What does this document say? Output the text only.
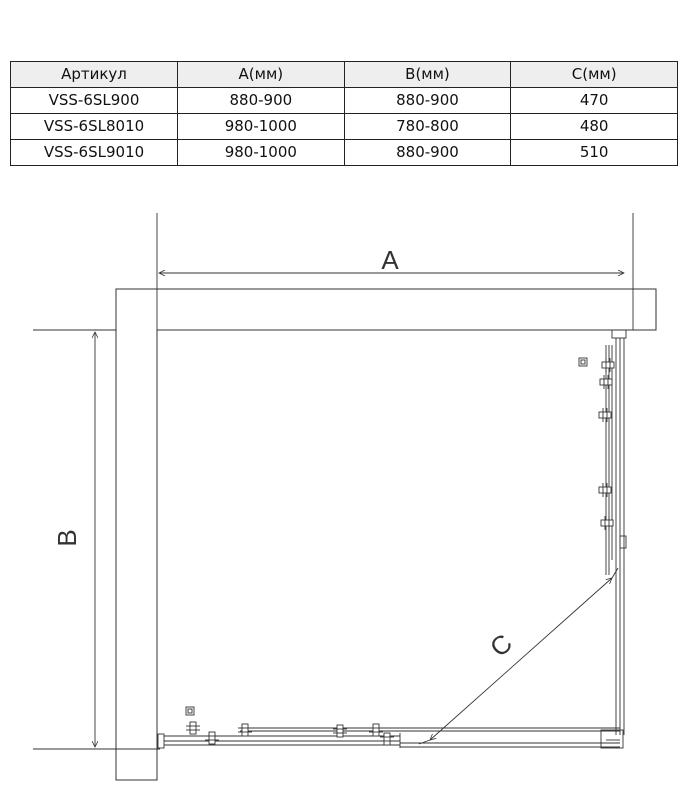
Артикул	A(мм)	B(мм)	C(мм)
VSS-6SL900	880-900	880-900	470
VSS-6SL8010	980-1000	780-800	480
VSS-6SL9010	980-1000	880-900	510
A
B
C
